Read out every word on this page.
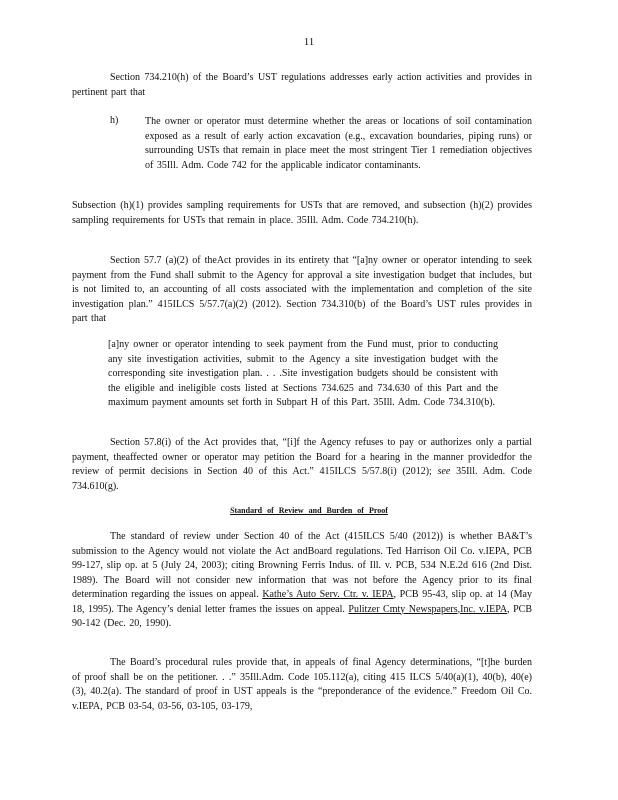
11
Section 734.210(h) of the Board’s UST regulations addresses early action activities and provides in pertinent part that
h)	The owner or operator must determine whether the areas or locations of soil contamination exposed as a result of early action excavation (e.g., excavation boundaries, piping runs) or surrounding USTs that remain in place meet the most stringent Tier 1 remediation objectives of 35Ill. Adm. Code 742 for the applicable indicator contaminants.
Subsection (h)(1) provides sampling requirements for USTs that are removed, and subsection (h)(2) provides sampling requirements for USTs that remain in place. 35Ill. Adm. Code 734.210(h).
Section 57.7 (a)(2) of theAct provides in its entirety that “[a]ny owner or operator intending to seek payment from the Fund shall submit to the Agency for approval a site investigation budget that includes, but is not limited to, an accounting of all costs associated with the implementation and completion of the site investigation plan.” 415ILCS 5/57.7(a)(2) (2012). Section 734.310(b) of the Board’s UST rules provides in part that
[a]ny owner or operator intending to seek payment from the Fund must, prior to conducting any site investigation activities, submit to the Agency a site investigation budget with the corresponding site investigation plan. . . .Site investigation budgets should be consistent with the eligible and ineligible costs listed at Sections 734.625 and 734.630 of this Part and the maximum payment amounts set forth in Subpart H of this Part. 35Ill. Adm. Code 734.310(b).
Section 57.8(i) of the Act provides that, “[i]f the Agency refuses to pay or authorizes only a partial payment, theaffected owner or operator may petition the Board for a hearing in the manner providedfor the review of permit decisions in Section 40 of this Act.” 415ILCS 5/57.8(i) (2012); see 35Ill. Adm. Code 734.610(g).
Standard of Review and Burden of Proof
The standard of review under Section 40 of the Act (415ILCS 5/40 (2012)) is whether BA&T’s submission to the Agency would not violate the Act andBoard regulations. Ted Harrison Oil Co. v.IEPA, PCB 99-127, slip op. at 5 (July 24, 2003); citing Browning Ferris Indus. of Ill. v. PCB, 534 N.E.2d 616 (2nd Dist. 1989). The Board will not consider new information that was not before the Agency prior to its final determination regarding the issues on appeal. Kathe’s Auto Serv. Ctr. v. IEPA, PCB 95-43, slip op. at 14 (May 18, 1995). The Agency’s denial letter frames the issues on appeal. Pulitzer Cmty Newspapers,Inc. v.IEPA, PCB 90-142 (Dec. 20, 1990).
The Board’s procedural rules provide that, in appeals of final Agency determinations, “[t]he burden of proof shall be on the petitioner. . .” 35Ill.Adm. Code 105.112(a), citing 415 ILCS 5/40(a)(1), 40(b), 40(e)(3), 40.2(a). The standard of proof in UST appeals is the “preponderance of the evidence.” Freedom Oil Co. v.IEPA, PCB 03-54, 03-56, 03-105, 03-179,
